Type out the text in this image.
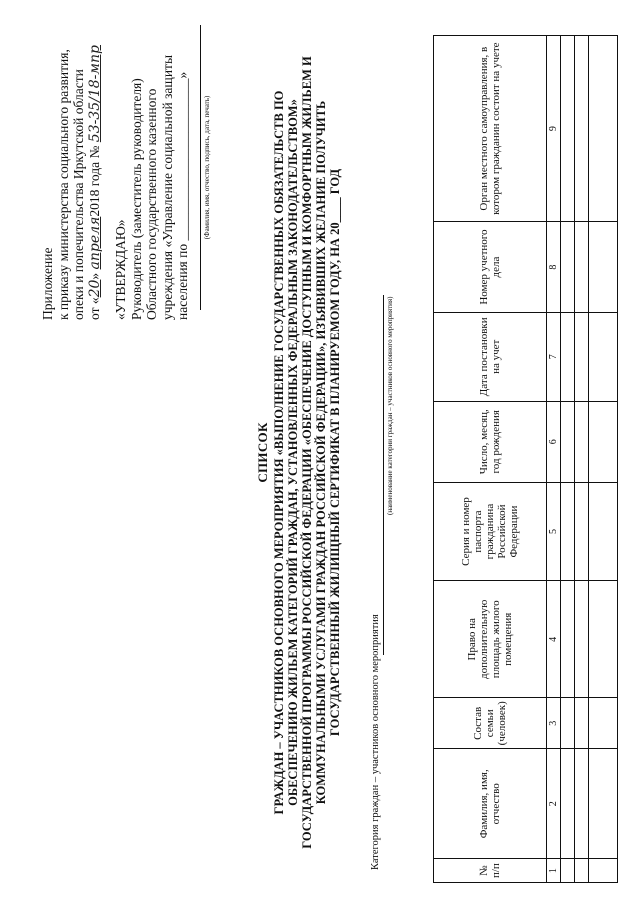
Приложение к приказу министерства социального развития, опеки и попечительства Иркутской области от «20» апреля2018 года № 53-35/18-мпр
«УТВЕРЖДАЮ» Руководитель (заместитель руководителя) Областного государственного казенного учреждения «Управление социальной защиты населения по ________________________» (Фамилия, имя, отчество, подпись, дата, печать)
СПИСОК ГРАЖДАН – УЧАСТНИКОВ ОСНОВНОГО МЕРОПРИЯТИЯ «ВЫПОЛНЕНИЕ ГОСУДАРСТВЕННЫХ ОБЯЗАТЕЛЬСТВ ПО ОБЕСПЕЧЕНИЮ ЖИЛЬЕМ КАТЕГОРИЙ ГРАЖДАН, УСТАНОВЛЕННЫХ ФЕДЕРАЛЬНЫМ ЗАКОНОДАТЕЛЬСТВОМ» ГОСУДАРСТВЕННОЙ ПРОГРАММЫ РОССИЙСКОЙ ФЕДЕРАЦИИ «ОБЕСПЕЧЕНИЕ ДОСТУПНЫМ И КОМФОРТНЫМ ЖИЛЬЕМ И КОММУНАЛЬНЫМИ УСЛУГАМИ ГРАЖДАН РОССИЙСКОЙ ФЕДЕРАЦИИ», ИЗЪЯВИВШИХ ЖЕЛАНИЕ ПОЛУЧИТЬ ГОСУДАРСТВЕННЫЙ ЖИЛИЩНЫЙ СЕРТИФИКАТ В ПЛАНИРУЕМОМ ГОДУ, НА 20____ ГОД
Категория граждан – участников основного мероприятия
(наименование категории граждан – участников основного мероприятия)
№ п/п	Фамилия, имя, отчество	Состав семьи (человек)	Право на дополнительную площадь жилого помещения	Серия и номер паспорта гражданина Российской Федерации	Число, месяц, год рождения	Дата постановки на учет	Номер учетного дела	Орган местного самоуправления, в котором гражданин состоит на учете
1	2	3	4	5	6	7	8	9
